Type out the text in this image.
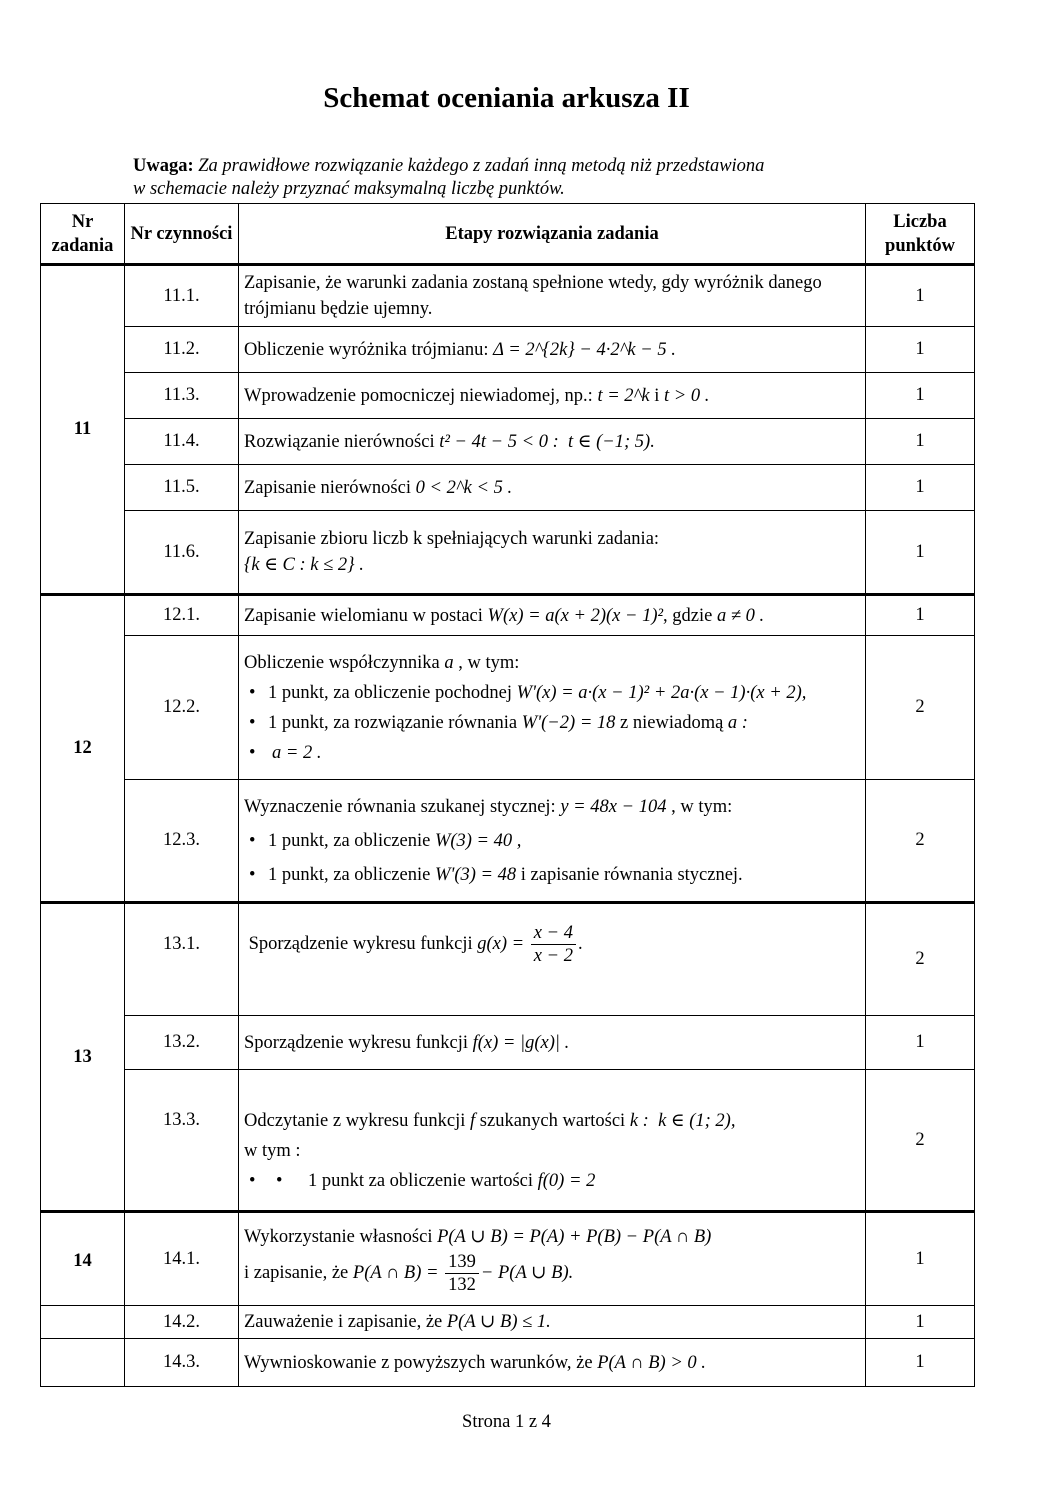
Schemat oceniania arkusza II
Uwaga: Za prawidłowe rozwiązanie każdego z zadań inną metodą niż przedstawiona
w schemacie należy przyznać maksymalną liczbę punktów.
Nr zadania	Nr czynności	Etapy rozwiązania zadania	Liczba punktów
11	11.1.	Zapisanie, że warunki zadania zostaną spełnione wtedy, gdy wyróżnik danego trójmianu będzie ujemny.	1
	11.2.	Obliczenie wyróżnika trójmianu: Δ = 2^{2k} − 4·2^k − 5 .	1
	11.3.	Wprowadzenie pomocniczej niewiadomej, np.: t = 2^k i t > 0 .	1
	11.4.	Rozwiązanie nierówności t² − 4t − 5 < 0 : t ∈ (−1; 5).	1
	11.5.	Zapisanie nierówności 0 < 2^k < 5 .	1
	11.6.	Zapisanie zbioru liczb k spełniających warunki zadania:
{k ∈ C : k ≤ 2} .	1
12	12.1.	Zapisanie wielomianu w postaci W(x) = a(x + 2)(x − 1)², gdzie a ≠ 0 .	1
	12.2.	Obliczenie współczynnika a , w tym:
• 1 punkt, za obliczenie pochodnej W'(x) = a·(x − 1)² + 2a·(x − 1)·(x + 2),
• 1 punkt, za rozwiązanie równania W'(−2) = 18 z niewiadomą a :
• a = 2 .	2
	12.3.	Wyznaczenie równania szukanej stycznej: y = 48x − 104 , w tym:
• 1 punkt, za obliczenie W(3) = 40 ,
• 1 punkt, za obliczenie W'(3) = 48 i zapisanie równania stycznej.	2
13	13.1.	Sporządzenie wykresu funkcji $g(x) = \frac{x - 4}{x - 2}$ .	2
	13.2.	Sporządzenie wykresu funkcji f(x) = |g(x)| .	1
	13.3.	Odczytanie z wykresu funkcji f szukanych wartości k : k ∈ (1; 2),
w tym :
• • 1 punkt za obliczenie wartości f(0) = 2	2
14	14.1.	Wykorzystanie własności P(A ∪ B) = P(A) + P(B) − P(A ∩ B)
i zapisanie, że P(A ∩ $B) = \frac{139}{132} - P(A$ ∪ B).	1
	14.2.	Zauważenie i zapisanie, że P(A ∪ B) ≤ 1.	1
	14.3.	Wywnioskowanie z powyższych warunków, że P(A ∩ B) > 0 .	1
Strona 1 z 4
